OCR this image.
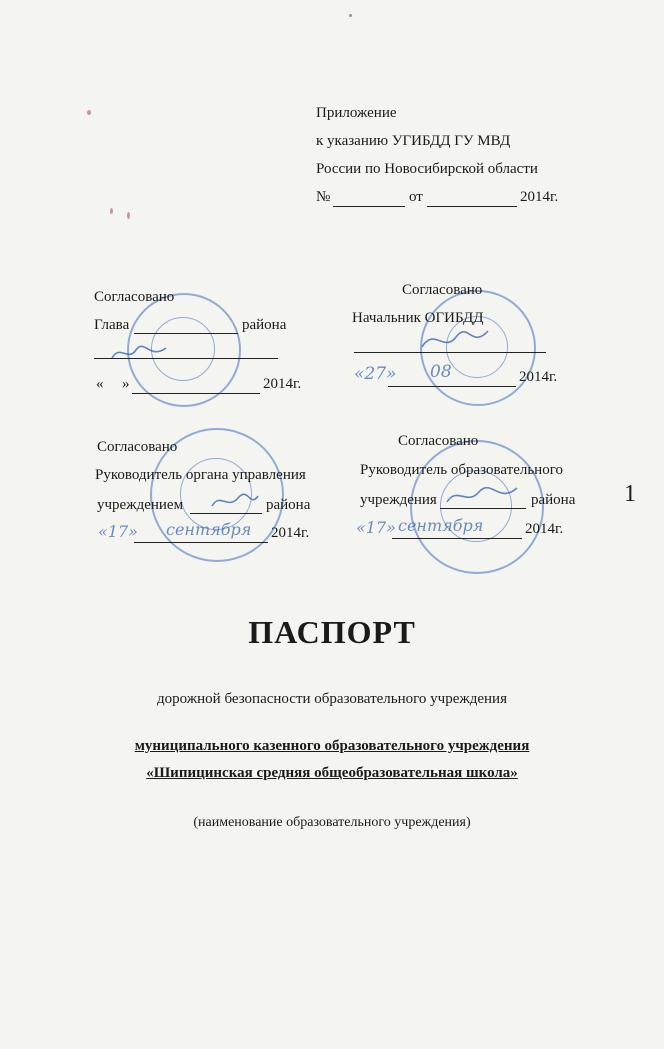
Приложение
к указанию УГИБДД ГУ МВД
России по Новосибирской области
№	от	2014г.
Согласовано
Глава	района
« »	2014г.
Согласовано
Начальник ОГИБДД
«27» 08	2014г.
Согласовано
Руководитель органа управления
учреждением	района
«17» сентября 2014г.
Согласовано
Руководитель образовательного
учреждения	района
«17» сентября	2014г.
1
ПАСПОРТ
дорожной безопасности образовательного учреждения
муниципального казенного образовательного учреждения
«Шипицинская средняя общеобразовательная школа»
(наименование образовательного учреждения)
